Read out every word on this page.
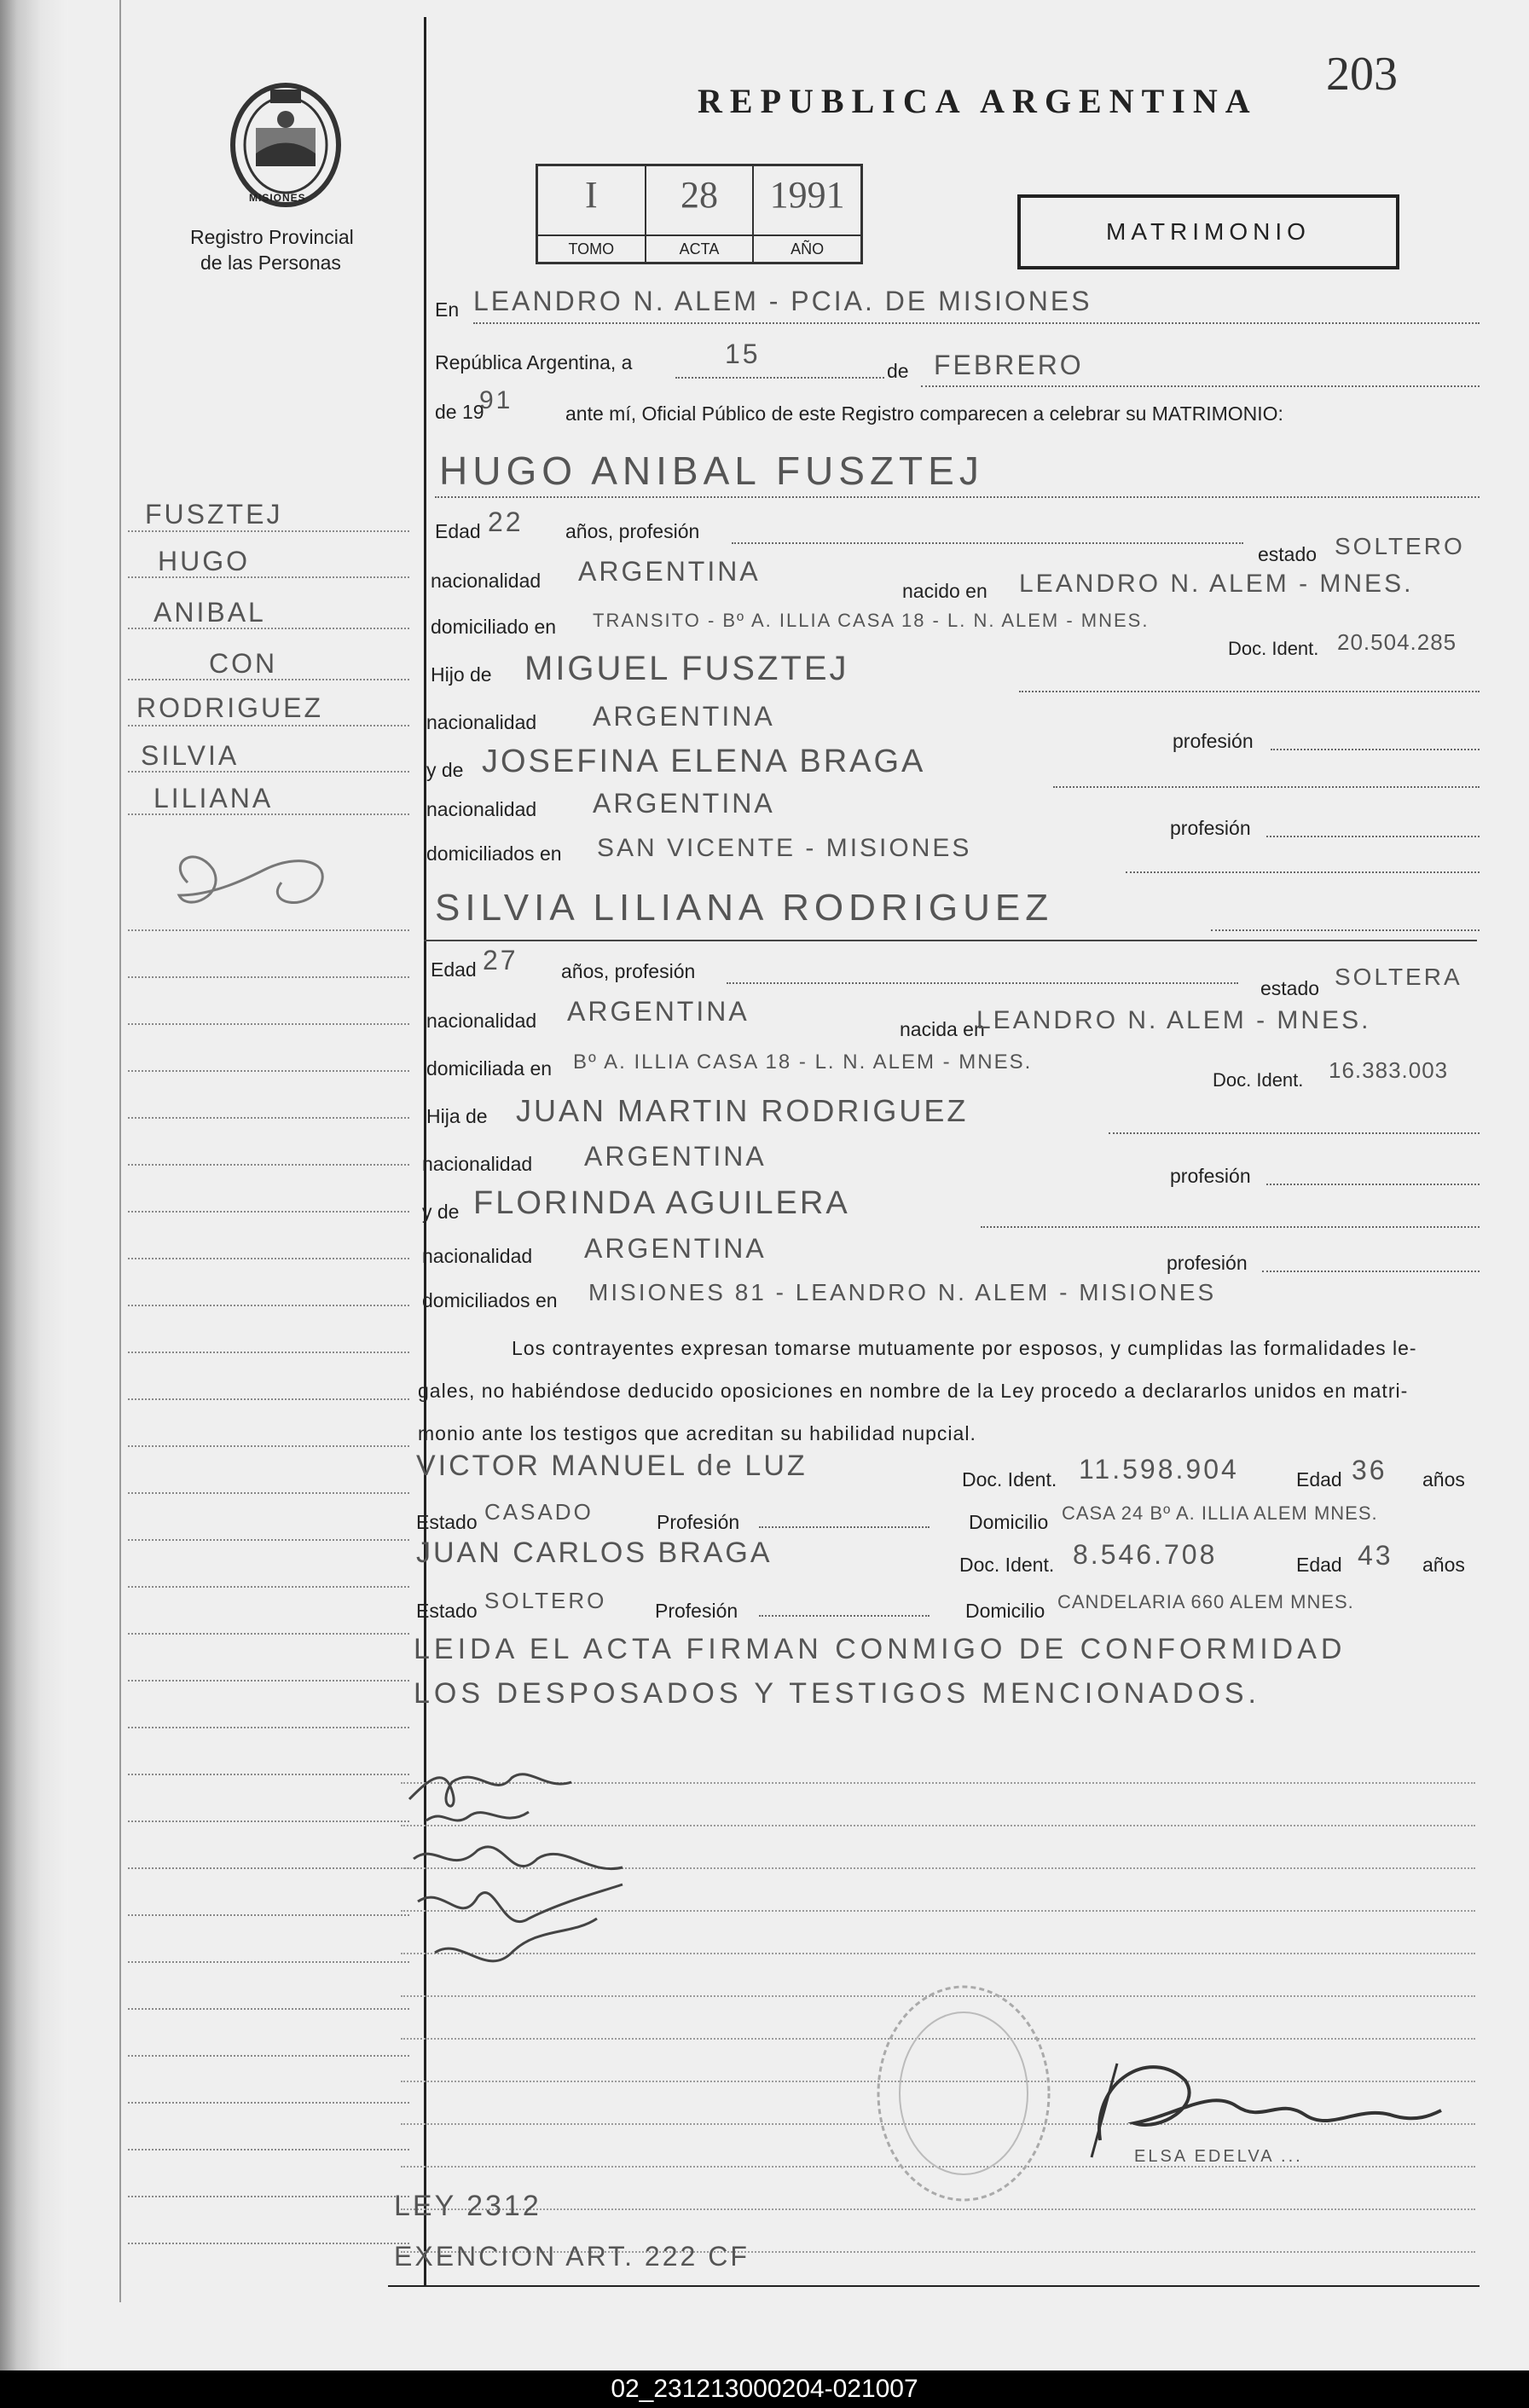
203
REPUBLICA ARGENTINA
MISIONES
Registro Provincial
de las Personas
I
TOMO
28
ACTA
1991
AÑO
MATRIMONIO
FUSZTEJ
HUGO
ANIBAL
CON
RODRIGUEZ
SILVIA
LILIANA
En LEANDRO N. ALEM - PCIA. DE MISIONES
República Argentina, a	15
de FEBRERO
de 19
91	ante mí, Oficial Público de este Registro comparecen a celebrar su MATRIMONIO:
HUGO ANIBAL FUSZTEJ
Edad 22 años, profesión
estado SOLTERO
nacionalidad ARGENTINA
nacido en LEANDRO N. ALEM - MNES.
domiciliado en TRANSITO - Bº A. ILLIA CASA 18 - L. N. ALEM - MNES.
Doc. Ident. 20.504.285
Hijo de MIGUEL FUSZTEJ
nacionalidad ARGENTINA
profesión
y de JOSEFINA ELENA BRAGA
nacionalidad ARGENTINA
profesión
domiciliados en SAN VICENTE - MISIONES
SILVIA LILIANA RODRIGUEZ
Edad 27 años, profesión
estado SOLTERA
nacionalidad ARGENTINA
nacida en
LEANDRO N. ALEM - MNES.
domiciliada en Bº A. ILLIA CASA 18 - L. N. ALEM - MNES.
Doc. Ident. 16.383.003
Hija de JUAN MARTIN RODRIGUEZ
nacionalidad ARGENTINA
profesión
y de FLORINDA AGUILERA
nacionalidad ARGENTINA	profesión
domiciliados en MISIONES 81 - LEANDRO N. ALEM - MISIONES
Los contrayentes expresan tomarse mutuamente por esposos, y cumplidas las formalidades le-
gales, no habiéndose deducido oposiciones en nombre de la Ley procedo a declararlos unidos en matri-
monio ante los testigos que acreditan su habilidad nupcial.
VICTOR MANUEL de LUZ	Doc. Ident. 11.598.904	Edad 36 años
Estado CASADO	Profesión	Domicilio CASA 24 Bº A. ILLIA ALEM MNES.
JUAN CARLOS BRAGA	Doc. Ident. 8.546.708	Edad 43 años
Estado SOLTERO Profesión	Domicilio CANDELARIA 660 ALEM MNES.
LEIDA EL ACTA FIRMAN CONMIGO DE CONFORMIDAD
LOS DESPOSADOS Y TESTIGOS MENCIONADOS.
ELSA EDELVA ...
LEY 2312
EXENCION ART. 222 CF
02_231213000204-021007
